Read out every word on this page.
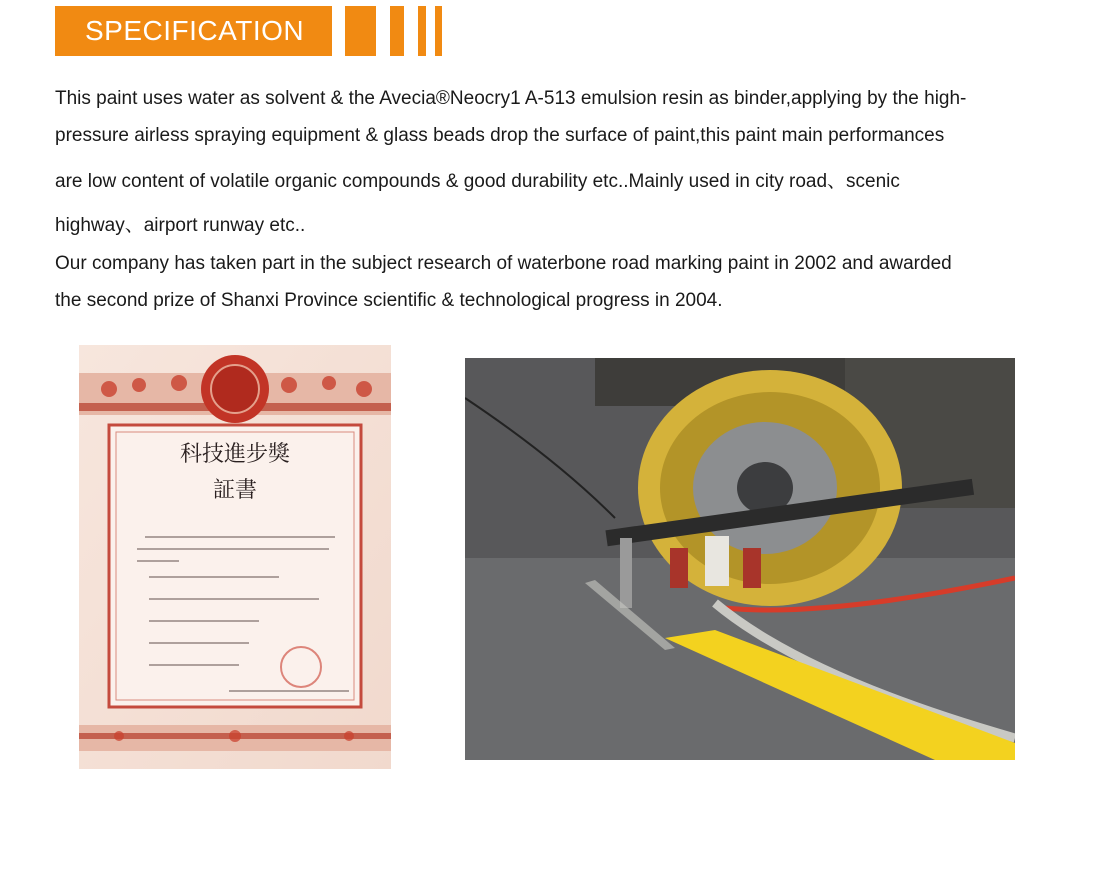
SPECIFICATION
This paint uses water as solvent & the Avecia®Neocry1 A-513 emulsion resin as binder,applying by the high-
pressure airless spraying equipment & glass beads drop the surface of paint,this paint main performances
are low content of volatile organic compounds & good durability etc..Mainly used in city road、scenic
highway、airport runway etc..
Our company has taken part in the subject research of waterbone road marking paint in 2002 and awarded
the second prize of Shanxi Province scientific & technological progress in 2004.
科技進步獎
証書
